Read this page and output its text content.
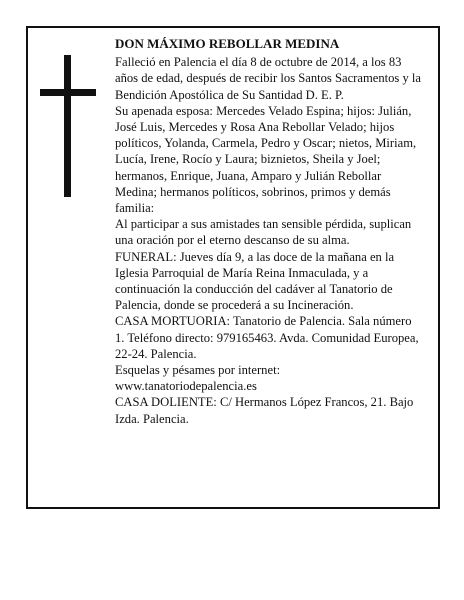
DON MÁXIMO REBOLLAR MEDINA

Falleció en Palencia el día 8 de octubre de 2014, a los 83 años de edad, después de recibir los Santos Sacramentos y la Bendición Apostólica de Su Santidad D. E. P.

Su apenada esposa: Mercedes Velado Espina; hijos: Julián, José Luis, Mercedes y Rosa Ana Rebollar Velado; hijos políticos, Yolanda, Carmela, Pedro y Oscar; nietos, Miriam, Lucía, Irene, Rocío y Laura; biznietos, Sheila y Joel; hermanos, Enrique, Juana, Amparo y Julián Rebollar Medina; hermanos políticos, sobrinos, primos y demás familia:

Al participar a sus amistades tan sensible pérdida, suplican una oración por el eterno descanso de su alma.

FUNERAL: Jueves día 9, a las doce de la mañana en la Iglesia Parroquial de María Reina Inmaculada, y a continuación la conducción del cadáver al Tanatorio de Palencia, donde se procederá a su Incineración.

CASA MORTUORIA: Tanatorio de Palencia. Sala número 1. Teléfono directo: 979165463. Avda. Comunidad Europea, 22-24. Palencia.

Esquelas y pésames por internet: www.tanatoriodepalencia.es

CASA DOLIENTE: C/ Hermanos López Francos, 21. Bajo Izda. Palencia.
